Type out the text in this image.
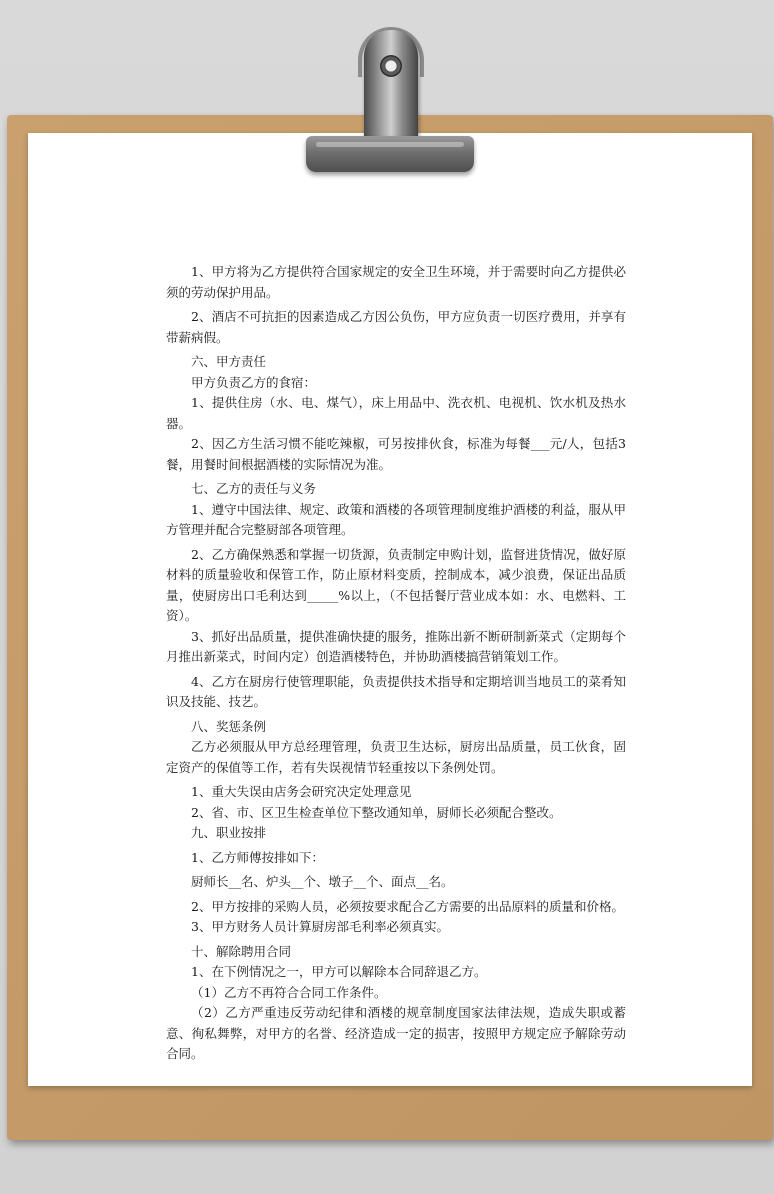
1、甲方将为乙方提供符合国家规定的安全卫生环境，并于需要时向乙方提供必须的劳动保护用品。

2、酒店不可抗拒的因素造成乙方因公负伤，甲方应负责一切医疗费用，并享有带薪病假。

六、甲方责任

甲方负责乙方的食宿：

1、提供住房（水、电、煤气），床上用品中、洗衣机、电视机、饮水机及热水器。

2、因乙方生活习惯不能吃辣椒，可另按排伙食，标准为每餐___元/人，包括3餐，用餐时间根据酒楼的实际情况为准。

七、乙方的责任与义务

1、遵守中国法律、规定、政策和酒楼的各项管理制度维护酒楼的利益，服从甲方管理并配合完整厨部各项管理。

2、乙方确保熟悉和掌握一切货源，负责制定申购计划，监督进货情况，做好原材料的质量验收和保管工作，防止原材料变质，控制成本，减少浪费，保证出品质量，使厨房出口毛利达到_____%以上，（不包括餐厅营业成本如：水、电燃料、工资）。

3、抓好出品质量，提供准确快捷的服务，推陈出新不断研制新菜式（定期每个月推出新菜式，时间内定）创造酒楼特色，并协助酒楼搞营销策划工作。

4、乙方在厨房行使管理职能，负责提供技术指导和定期培训当地员工的菜肴知识及技能、技艺。

八、奖惩条例

乙方必须服从甲方总经理管理，负责卫生达标，厨房出品质量，员工伙食，固定资产的保值等工作，若有失误视情节轻重按以下条例处罚。

1、重大失误由店务会研究决定处理意见

2、省、市、区卫生检查单位下整改通知单，厨师长必须配合整改。

九、职业按排

1、乙方师傅按排如下：

厨师长__名、炉头__个、墩子__个、面点__名。

2、甲方按排的采购人员，必须按要求配合乙方需要的出品原料的质量和价格。

3、甲方财务人员计算厨房部毛利率必须真实。

十、解除聘用合同

1、在下例情况之一，甲方可以解除本合同辞退乙方。

（1）乙方不再符合合同工作条件。

（2）乙方严重违反劳动纪律和酒楼的规章制度国家法律法规，造成失职或蓄意、徇私舞弊，对甲方的名誉、经济造成一定的损害，按照甲方规定应予解除劳动合同。
